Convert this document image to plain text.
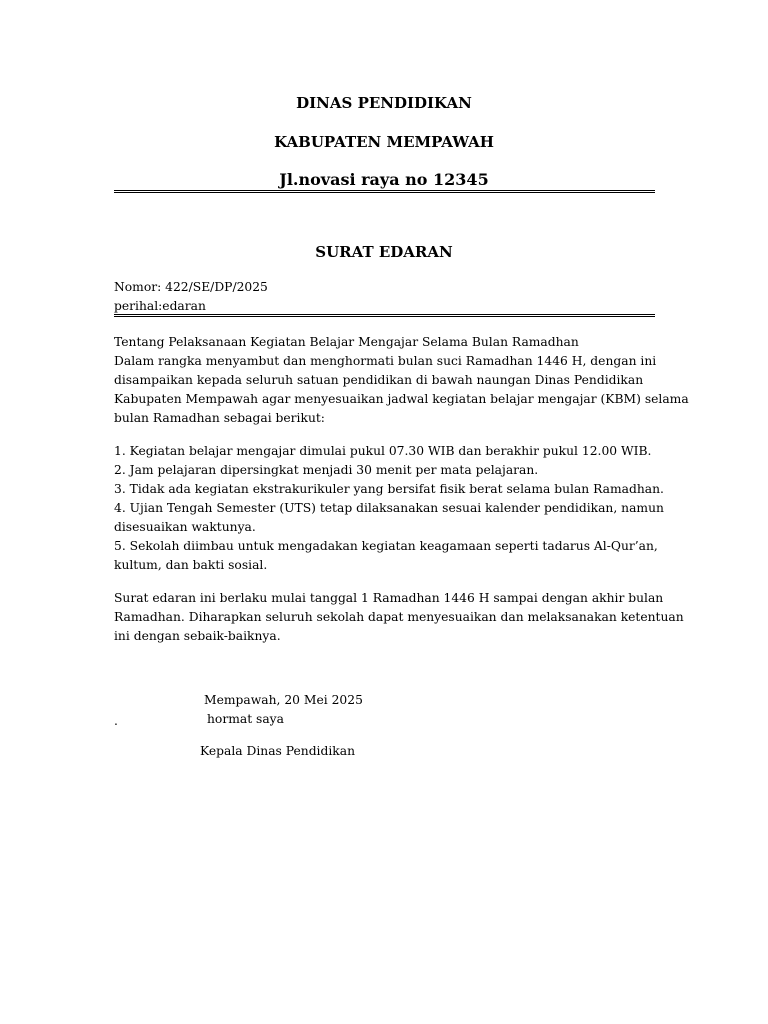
DINAS PENDIDIKAN
KABUPATEN MEMPAWAH
Jl.novasi raya no 12345
SURAT EDARAN
Nomor: 422/SE/DP/2025
perihal:edaran
Tentang Pelaksanaan Kegiatan Belajar Mengajar Selama Bulan Ramadhan
Dalam rangka menyambut dan menghormati bulan suci Ramadhan 1446 H, dengan ini
disampaikan kepada seluruh satuan pendidikan di bawah naungan Dinas Pendidikan
Kabupaten Mempawah agar menyesuaikan jadwal kegiatan belajar mengajar (KBM) selama
bulan Ramadhan sebagai berikut:
1. Kegiatan belajar mengajar dimulai pukul 07.30 WIB dan berakhir pukul 12.00 WIB.
2. Jam pelajaran dipersingkat menjadi 30 menit per mata pelajaran.
3. Tidak ada kegiatan ekstrakurikuler yang bersifat fisik berat selama bulan Ramadhan.
4. Ujian Tengah Semester (UTS) tetap dilaksanakan sesuai kalender pendidikan, namun
disesuaikan waktunya.
5. Sekolah diimbau untuk mengadakan kegiatan keagamaan seperti tadarus Al-Qur’an,
kultum, dan bakti sosial.
Surat edaran ini berlaku mulai tanggal 1 Ramadhan 1446 H sampai dengan akhir bulan
Ramadhan. Diharapkan seluruh sekolah dapat menyesuaikan dan melaksanakan ketentuan
ini dengan sebaik-baiknya.
Mempawah, 20 Mei 2025
.	hormat saya
Kepala Dinas Pendidikan
